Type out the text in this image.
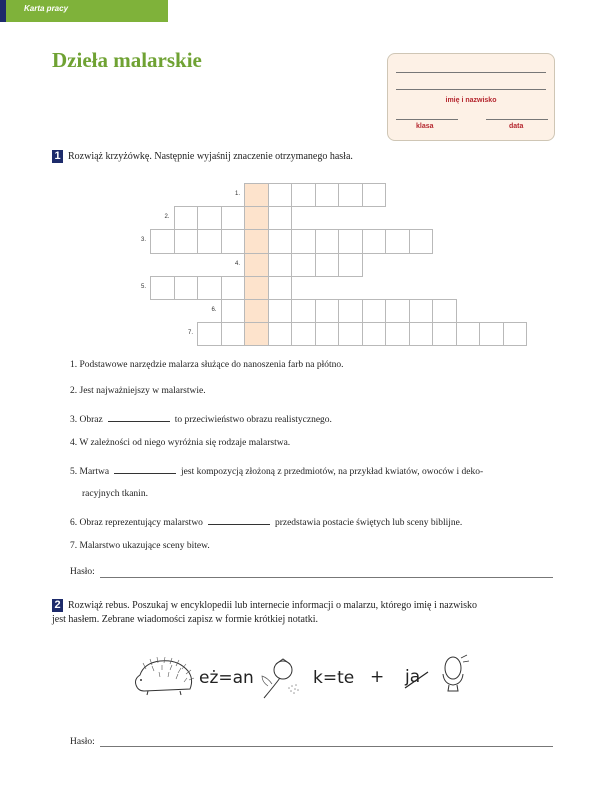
Karta pracy
Dzieła malarskie
imię i nazwisko
klasa	data
1 Rozwiąż krzyżówkę. Następnie wyjaśnij znaczenie otrzymanego hasła.
1.
2.
3.
4.
5.
6.
7.
1. Podstawowe narzędzie malarza służące do nanoszenia farb na płótno.
2. Jest najważniejszy w malarstwie.
3. Obraz	to przeciwieństwo obrazu realistycznego.
4. W zależności od niego wyróżnia się rodzaje malarstwa.
5. Martwa	jest kompozycją złożoną z przedmiotów, na przykład kwiatów, owoców i deko-
racyjnych tkanin.
6. Obraz reprezentujący malarstwo	przedstawia postacie świętych lub sceny biblijne.
7. Malarstwo ukazujące sceny bitew.
Hasło:
2 Rozwiąż rebus. Poszukaj w encyklopedii lub internecie informacji o malarzu, którego imię i nazwisko
jest hasłem. Zebrane wiadomości zapisz w formie krótkiej notatki.
eż=an	k=te + ja
Hasło:
